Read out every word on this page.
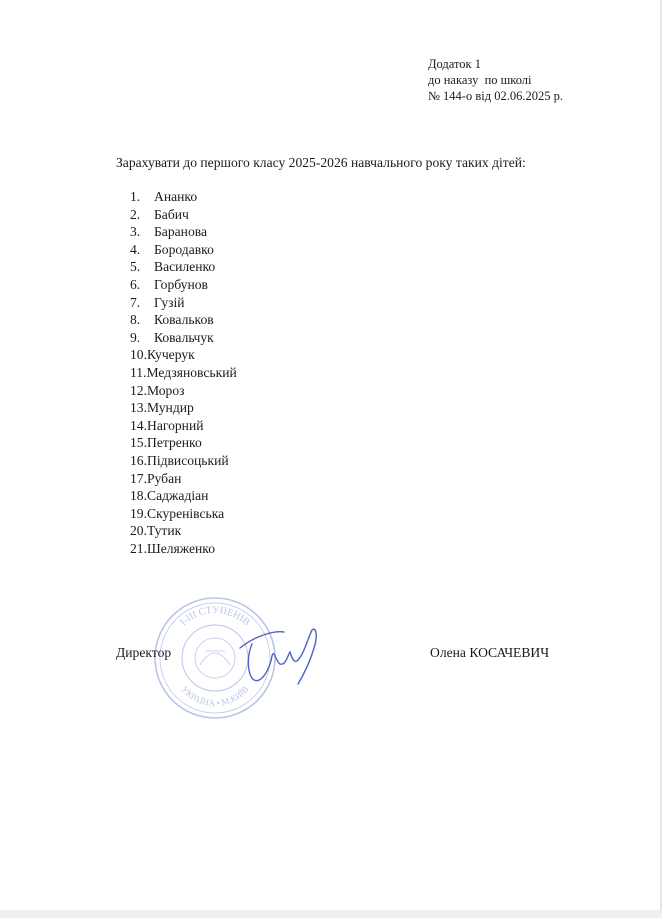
Додаток 1
до наказу  по школі
№ 144-о від 02.06.2025 р.
Зарахувати до першого класу 2025-2026 навчального року таких дітей:
1. Ананко
2. Бабич
3. Баранова
4. Бородавко
5. Василенко
6. Горбунов
7. Гузій
8. Ковальков
9. Ковальчук
10.Кучерук
11.Медзяновський
12.Мороз
13.Мундир
14.Нагорний
15.Петренко
16.Підвисоцький
17.Рубан
18.Саджадіан
19.Скуренівська
20.Тутик
21.Шеляженко
І-ІІІ СТУПЕНІВ
УКРАЇНА • М.КИЇВ
Директор	Олена КОСАЧЕВИЧ
